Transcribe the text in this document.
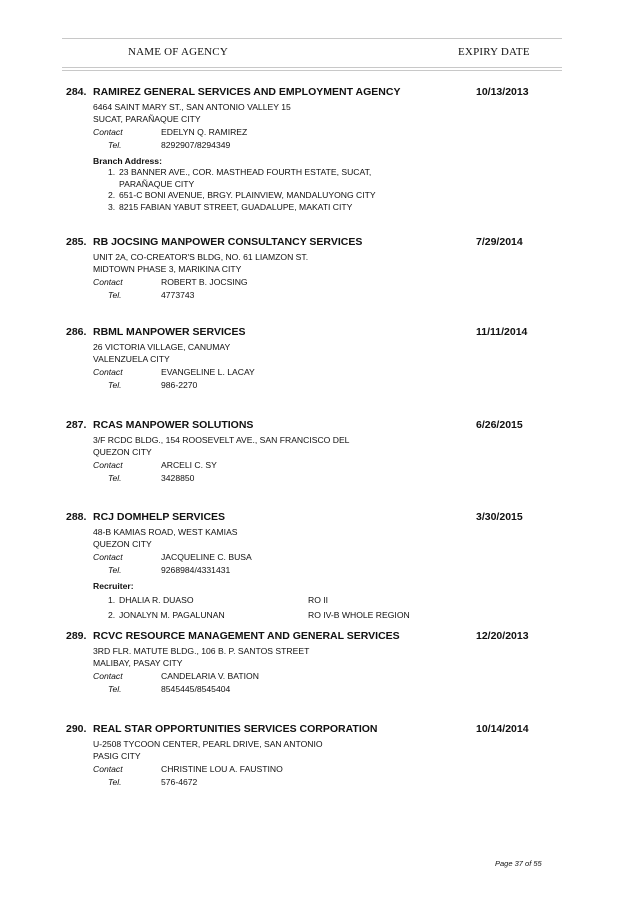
NAME OF AGENCY	EXPIRY DATE
284. RAMIREZ GENERAL SERVICES AND EMPLOYMENT AGENCY	10/13/2013
6464 SAINT MARY ST., SAN ANTONIO VALLEY 15
SUCAT, PARAÑAQUE CITY
Contact	EDELYN Q. RAMIREZ
Tel.	8292907/8294349
Branch Address:
1. 23 BANNER AVE., COR. MASTHEAD FOURTH ESTATE, SUCAT,
PARAÑAQUE CITY
2. 651-C BONI AVENUE, BRGY. PLAINVIEW, MANDALUYONG CITY
3. 8215 FABIAN YABUT STREET, GUADALUPE, MAKATI CITY
285. RB JOCSING MANPOWER CONSULTANCY SERVICES	7/29/2014
UNIT 2A, CO-CREATOR'S BLDG, NO. 61 LIAMZON ST.
MIDTOWN PHASE 3, MARIKINA CITY
Contact	ROBERT B. JOCSING
Tel.	4773743
286. RBML MANPOWER SERVICES	11/11/2014
26 VICTORIA VILLAGE, CANUMAY
VALENZUELA CITY
Contact	EVANGELINE L. LACAY
Tel.	986-2270
287. RCAS MANPOWER SOLUTIONS	6/26/2015
3/F RCDC BLDG., 154 ROOSEVELT AVE., SAN FRANCISCO DEL
QUEZON CITY
Contact	ARCELI C. SY
Tel.	3428850
288. RCJ DOMHELP SERVICES	3/30/2015
48-B KAMIAS ROAD, WEST KAMIAS
QUEZON CITY
Contact	JACQUELINE C. BUSA
Tel.	9268984/4331431
Recruiter:
1. DHALIA R. DUASO	RO II
2. JONALYN M. PAGALUNAN	RO IV-B WHOLE REGION
289. RCVC RESOURCE MANAGEMENT AND GENERAL SERVICES	12/20/2013
3RD FLR. MATUTE BLDG., 106 B. P. SANTOS STREET
MALIBAY, PASAY CITY
Contact	CANDELARIA V. BATION
Tel.	8545445/8545404
290. REAL STAR OPPORTUNITIES SERVICES CORPORATION	10/14/2014
U-2508 TYCOON CENTER, PEARL DRIVE, SAN ANTONIO
PASIG CITY
Contact	CHRISTINE LOU A. FAUSTINO
Tel.	576-4672
Page 37 of 55
